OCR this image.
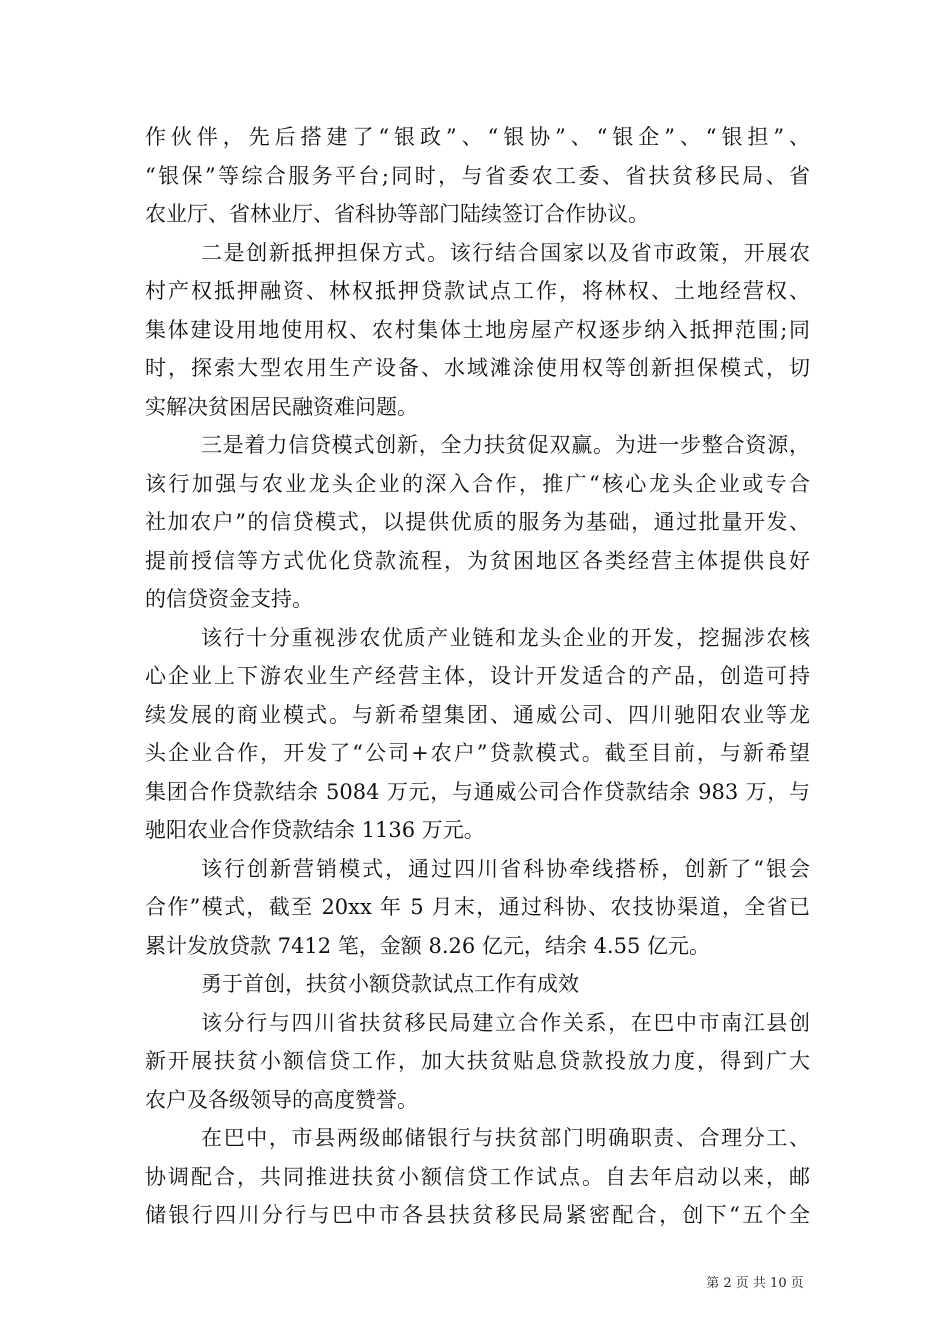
作伙伴，先后搭建了“银政”、“银协”、“银企”、“银担”、
“银保”等综合服务平台;同时，与省委农工委、省扶贫移民局、省
农业厅、省林业厅、省科协等部门陆续签订合作协议。
二是创新抵押担保方式。该行结合国家以及省市政策，开展农
村产权抵押融资、林权抵押贷款试点工作，将林权、土地经营权、
集体建设用地使用权、农村集体土地房屋产权逐步纳入抵押范围;同
时，探索大型农用生产设备、水域滩涂使用权等创新担保模式，切
实解决贫困居民融资难问题。
三是着力信贷模式创新，全力扶贫促双赢。为进一步整合资源，
该行加强与农业龙头企业的深入合作，推广“核心龙头企业或专合
社加农户”的信贷模式，以提供优质的服务为基础，通过批量开发、
提前授信等方式优化贷款流程，为贫困地区各类经营主体提供良好
的信贷资金支持。
该行十分重视涉农优质产业链和龙头企业的开发，挖掘涉农核
心企业上下游农业生产经营主体，设计开发适合的产品，创造可持
续发展的商业模式。与新希望集团、通威公司、四川驰阳农业等龙
头企业合作，开发了“公司+农户”贷款模式。截至目前，与新希望
集团合作贷款结余 5084 万元，与通威公司合作贷款结余 983 万，与
驰阳农业合作贷款结余 1136 万元。
该行创新营销模式，通过四川省科协牵线搭桥，创新了“银会
合作”模式，截至 20xx 年 5 月末，通过科协、农技协渠道，全省已
累计发放贷款 7412 笔，金额 8.26 亿元，结余 4.55 亿元。
勇于首创，扶贫小额贷款试点工作有成效
该分行与四川省扶贫移民局建立合作关系，在巴中市南江县创
新开展扶贫小额信贷工作，加大扶贫贴息贷款投放力度，得到广大
农户及各级领导的高度赞誉。
在巴中，市县两级邮储银行与扶贫部门明确职责、合理分工、
协调配合，共同推进扶贫小额信贷工作试点。自去年启动以来，邮
储银行四川分行与巴中市各县扶贫移民局紧密配合，创下“五个全
第 2 页 共 10 页
